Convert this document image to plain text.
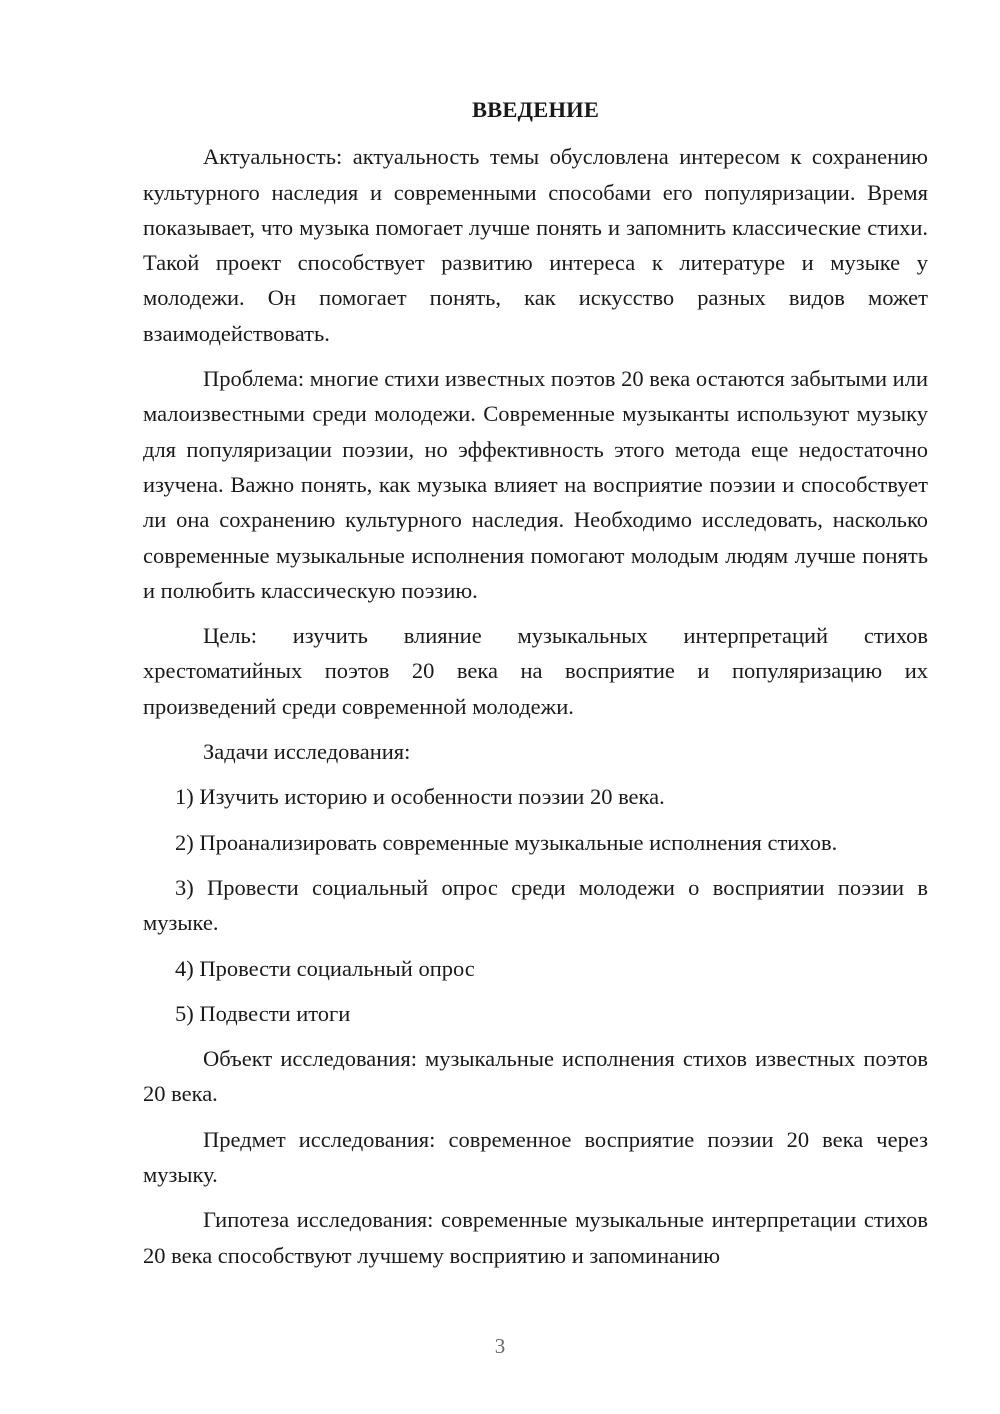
ВВЕДЕНИЕ

Актуальность: актуальность темы обусловлена интересом к сохранению культурного наследия и современными способами его популяризации. Время показывает, что музыка помогает лучше понять и запомнить классические стихи. Такой проект способствует развитию интереса к литературе и музыке у молодежи. Он помогает понять, как искусство разных видов может взаимодействовать.

Проблема: многие стихи известных поэтов 20 века остаются забытыми или малоизвестными среди молодежи. Современные музыканты используют музыку для популяризации поэзии, но эффективность этого метода еще недостаточно изучена. Важно понять, как музыка влияет на восприятие поэзии и способствует ли она сохранению культурного наследия. Необходимо исследовать, насколько современные музыкальные исполнения помогают молодым людям лучше понять и полюбить классическую поэзию.

Цель: изучить влияние музыкальных интерпретаций стихов хрестоматийных поэтов 20 века на восприятие и популяризацию их произведений среди современной молодежи.

Задачи исследования:

1) Изучить историю и особенности поэзии 20 века.

2) Проанализировать современные музыкальные исполнения стихов.

3) Провести социальный опрос среди молодежи о восприятии поэзии в музыке.

4) Провести социальный опрос

5) Подвести итоги

Объект исследования: музыкальные исполнения стихов известных поэтов 20 века.

Предмет исследования: современное восприятие поэзии 20 века через музыку.

Гипотеза исследования: современные музыкальные интерпретации стихов 20 века способствуют лучшему восприятию и запоминанию

3
